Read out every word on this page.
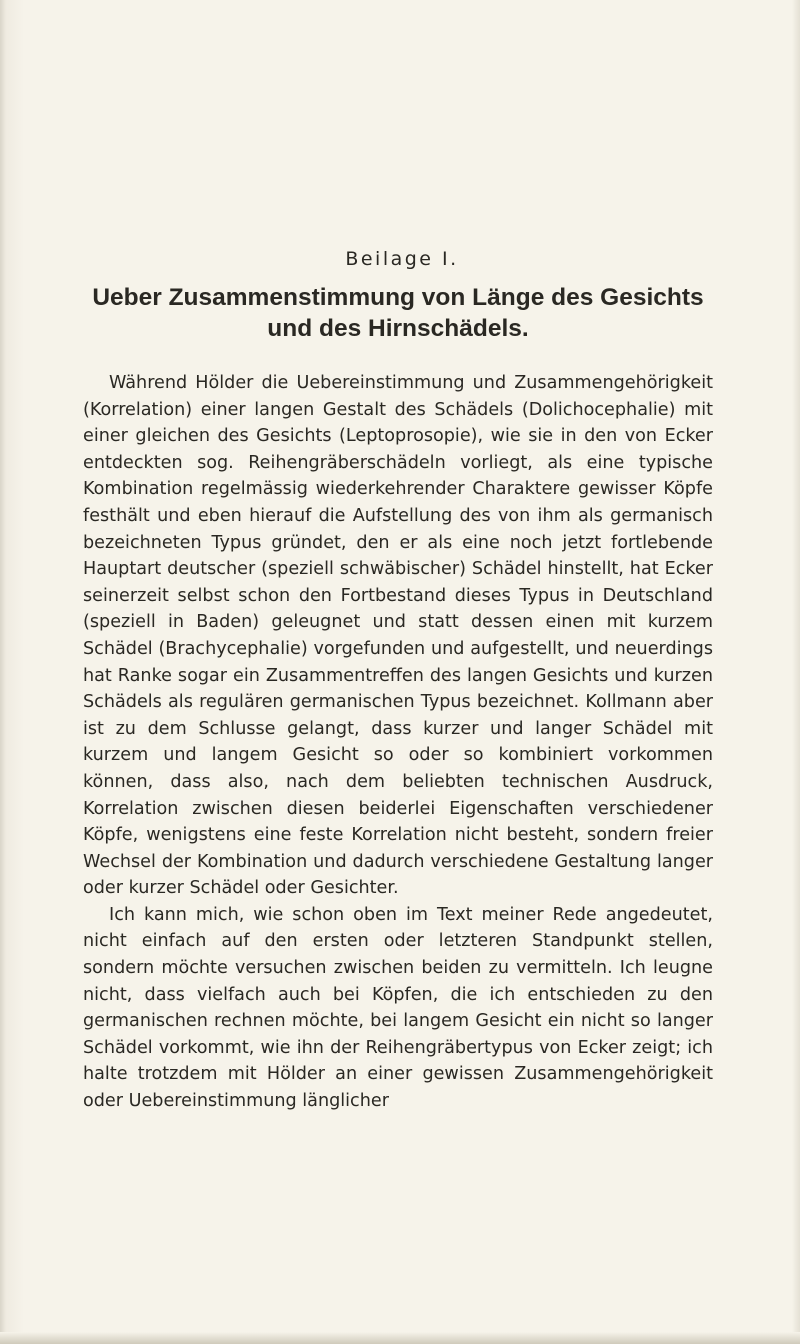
Beilage I.
Ueber Zusammenstimmung von Länge des Gesichts
und des Hirnschädels.

Während Hölder die Uebereinstimmung und Zusammengehörigkeit (Korrelation) einer langen Gestalt des Schädels (Dolichocephalie) mit einer gleichen des Gesichts (Leptoprosopie), wie sie in den von Ecker entdeckten sog. Reihengräberschädeln vorliegt, als eine typische Kombination regelmässig wiederkehrender Charaktere gewisser Köpfe festhält und eben hierauf die Aufstellung des von ihm als germanisch bezeichneten Typus gründet, den er als eine noch jetzt fortlebende Hauptart deutscher (speziell schwäbischer) Schädel hinstellt, hat Ecker seinerzeit selbst schon den Fortbestand dieses Typus in Deutschland (speziell in Baden) geleugnet und statt dessen einen mit kurzem Schädel (Brachycephalie) vorgefunden und aufgestellt, und neuerdings hat Ranke sogar ein Zusammentreffen des langen Gesichts und kurzen Schädels als regulären germanischen Typus bezeichnet. Kollmann aber ist zu dem Schlusse gelangt, dass kurzer und langer Schädel mit kurzem und langem Gesicht so oder so kombiniert vorkommen können, dass also, nach dem beliebten technischen Ausdruck, Korrelation zwischen diesen beiderlei Eigenschaften verschiedener Köpfe, wenigstens eine feste Korrelation nicht besteht, sondern freier Wechsel der Kombination und dadurch verschiedene Gestaltung langer oder kurzer Schädel oder Gesichter.

Ich kann mich, wie schon oben im Text meiner Rede angedeutet, nicht einfach auf den ersten oder letzteren Standpunkt stellen, sondern möchte versuchen zwischen beiden zu vermitteln. Ich leugne nicht, dass vielfach auch bei Köpfen, die ich entschieden zu den germanischen rechnen möchte, bei langem Gesicht ein nicht so langer Schädel vorkommt, wie ihn der Reihengräbertypus von Ecker zeigt; ich halte trotzdem mit Hölder an einer gewissen Zusammengehörigkeit oder Uebereinstimmung länglicher
